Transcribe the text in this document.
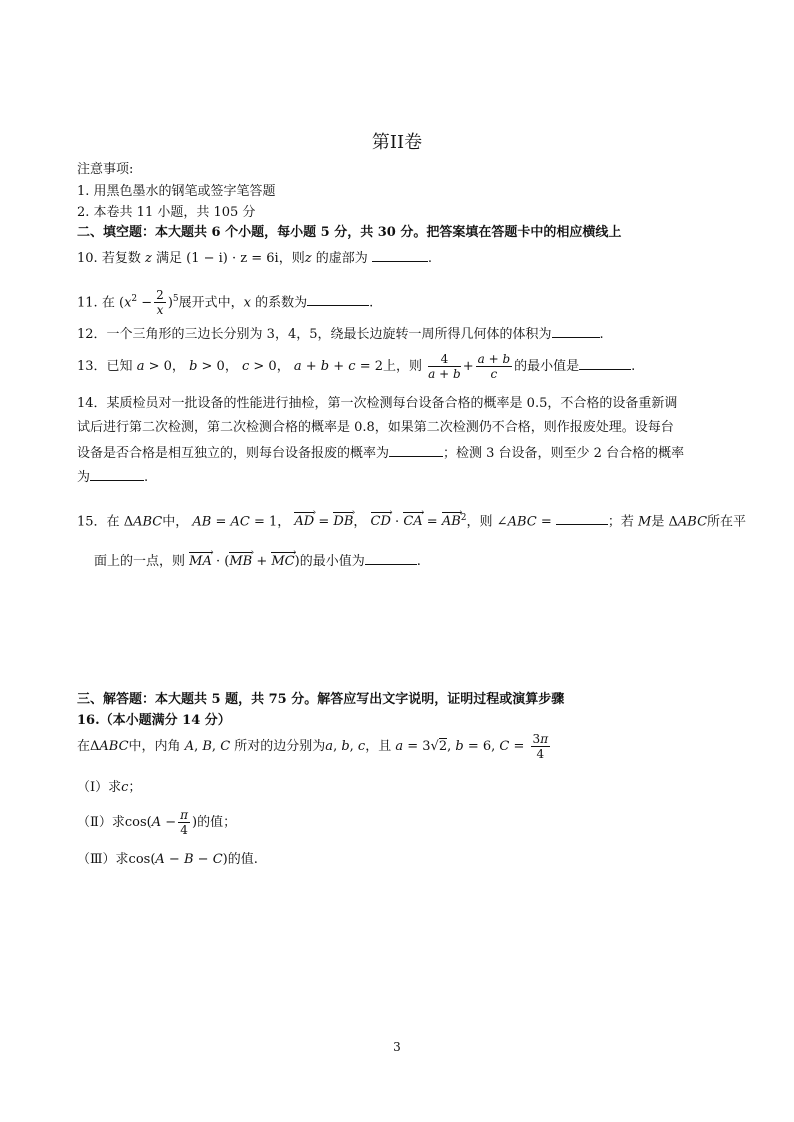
第II卷
注意事项:
1. 用黑色墨水的钢笔或签字笔答题
2. 本卷共 11 小题，共 105 分
二、填空题：本大题共 6 个小题，每小题 5 分，共 30 分。把答案填在答题卡中的相应横线上
10. 若复数 z 满足 (1 − i) · z = 6i，则z 的虚部为	.
11. 在 $(x^2 - \frac{2}{x} )^5$展开式中，x 的系数为	.
12．一个三角形的三边长分别为 3，4，5，绕最长边旋转一周所得几何体的体积为	.
13．已知 a > 0， b > 0， c > 0， a + b + c = 2上，则 $\frac{4}{a + b} + \frac{a + b}{c}$ 的最小值是	.
14．某质检员对一批设备的性能进行抽检，第一次检测每台设备合格的概率是 0.5，不合格的设备重新调
试后进行第二次检测，第二次检测合格的概率是 0.8，如果第二次检测仍不合格，则作报废处理。设每台
设备是否合格是相互独立的，则每台设备报废的概率为	；检测 3 台设备，则至少 2 台合格的概率
为	.
15．在 ΔABC中， AB = AC = 1， AD › = DB ›， CD › · CA › = AB ›$^2$，则 ∠ABC =	；若 M是 ΔABC所在平
面上的一点，则 MA › · (MB › + MC ›)的最小值为	.
三、解答题：本大题共 5 题，共 75 分。解答应写出文字说明，证明过程或演算步骤
16.（本小题满分 14 分）
在ΔABC中，内角 A, B, C 所对的边分别为a, b, c，且 a = 3√2, b = 6, $C = \frac{3\pi}{4}$
（Ⅰ）求c；
（Ⅱ）求$\cos(A - \frac{\pi}{4}$ )的值；
（Ⅲ）求cos(A − B − C)的值.
3
